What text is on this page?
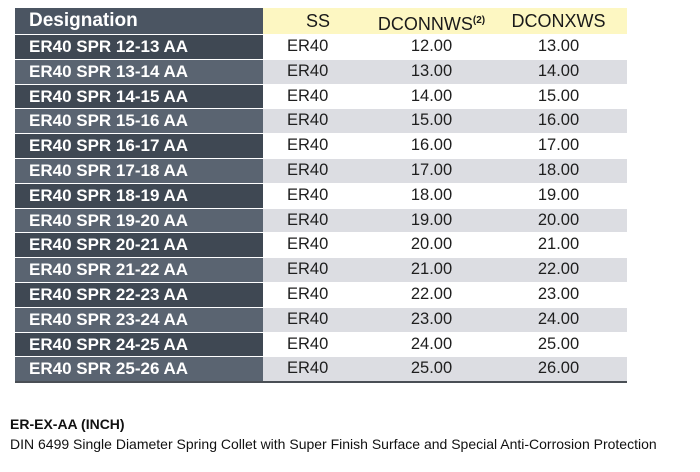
Designation	SS	DCONNWS$^{(2)}$	DCONXWS
ER40 SPR 12-13 AA	ER40	12.00	13.00
ER40 SPR 13-14 AA	ER40	13.00	14.00
ER40 SPR 14-15 AA	ER40	14.00	15.00
ER40 SPR 15-16 AA	ER40	15.00	16.00
ER40 SPR 16-17 AA	ER40	16.00	17.00
ER40 SPR 17-18 AA	ER40	17.00	18.00
ER40 SPR 18-19 AA	ER40	18.00	19.00
ER40 SPR 19-20 AA	ER40	19.00	20.00
ER40 SPR 20-21 AA	ER40	20.00	21.00
ER40 SPR 21-22 AA	ER40	21.00	22.00
ER40 SPR 22-23 AA	ER40	22.00	23.00
ER40 SPR 23-24 AA	ER40	23.00	24.00
ER40 SPR 24-25 AA	ER40	24.00	25.00
ER40 SPR 25-26 AA	ER40	25.00	26.00
ER-EX-AA (INCH)
DIN 6499 Single Diameter Spring Collet with Super Finish Surface and Special Anti-Corrosion Protection
